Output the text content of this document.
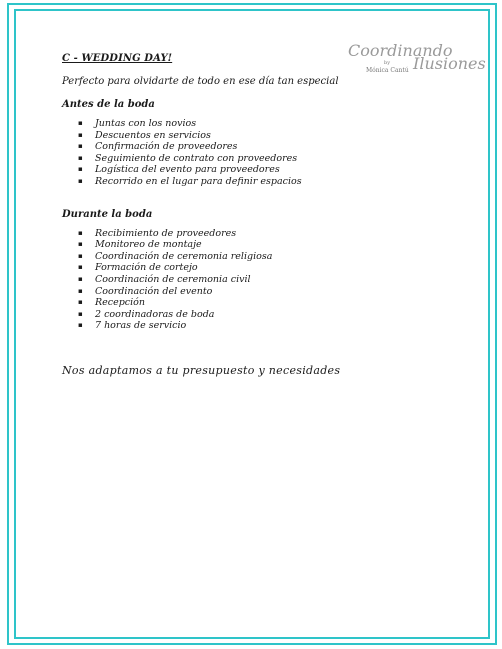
Coordinando
Ilusiones
by
Mónica Cantú

C - WEDDING DAY!

Perfecto para olvidarte de todo en ese día tan especial

Antes de la boda

▪ Juntas con los novios
▪ Descuentos en servicios
▪ Confirmación de proveedores
▪ Seguimiento de contrato con proveedores
▪ Logística del evento para proveedores
▪ Recorrido en el lugar para definir espacios

Durante la boda

▪ Recibimiento de proveedores
▪ Monitoreo de montaje
▪ Coordinación de ceremonia religiosa
▪ Formación de cortejo
▪ Coordinación de ceremonia civil
▪ Coordinación del evento
▪ Recepción
▪ 2 coordinadoras de boda
▪ 7 horas de servicio

Nos adaptamos a tu presupuesto y necesidades
